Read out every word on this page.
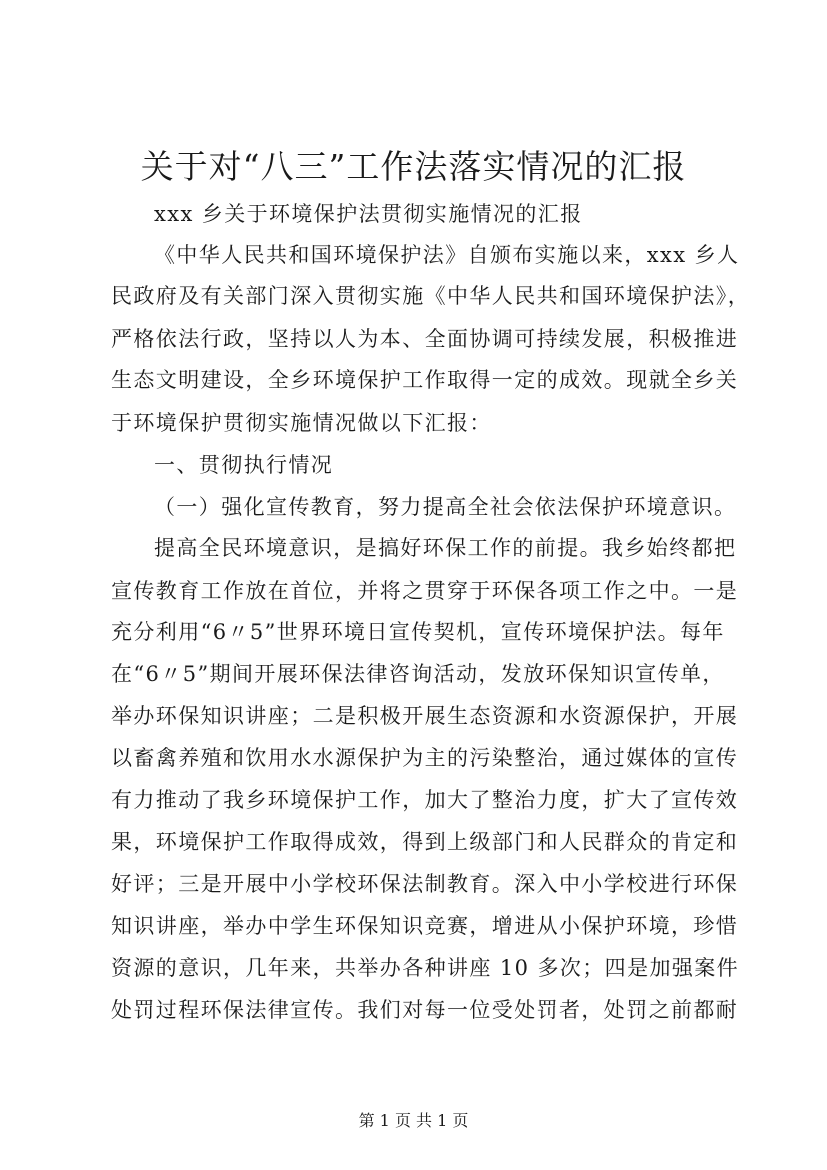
关于对“八三”工作法落实情况的汇报
xxx 乡关于环境保护法贯彻实施情况的汇报
《中华人民共和国环境保护法》自颁布实施以来，xxx 乡人
民政府及有关部门深入贯彻实施《中华人民共和国环境保护法》，
严格依法行政，坚持以人为本、全面协调可持续发展，积极推进
生态文明建设，全乡环境保护工作取得一定的成效。现就全乡关
于环境保护贯彻实施情况做以下汇报：
一、贯彻执行情况
（一）强化宣传教育，努力提高全社会依法保护环境意识。
提高全民环境意识，是搞好环保工作的前提。我乡始终都把
宣传教育工作放在首位，并将之贯穿于环保各项工作之中。一是
充分利用“6〃5”世界环境日宣传契机，宣传环境保护法。每年
在“6〃5”期间开展环保法律咨询活动，发放环保知识宣传单，
举办环保知识讲座；二是积极开展生态资源和水资源保护，开展
以畜禽养殖和饮用水水源保护为主的污染整治，通过媒体的宣传
有力推动了我乡环境保护工作，加大了整治力度，扩大了宣传效
果，环境保护工作取得成效，得到上级部门和人民群众的肯定和
好评；三是开展中小学校环保法制教育。深入中小学校进行环保
知识讲座，举办中学生环保知识竞赛，增进从小保护环境，珍惜
资源的意识，几年来，共举办各种讲座 10 多次；四是加强案件
处罚过程环保法律宣传。我们对每一位受处罚者，处罚之前都耐
第 1 页 共 1 页
